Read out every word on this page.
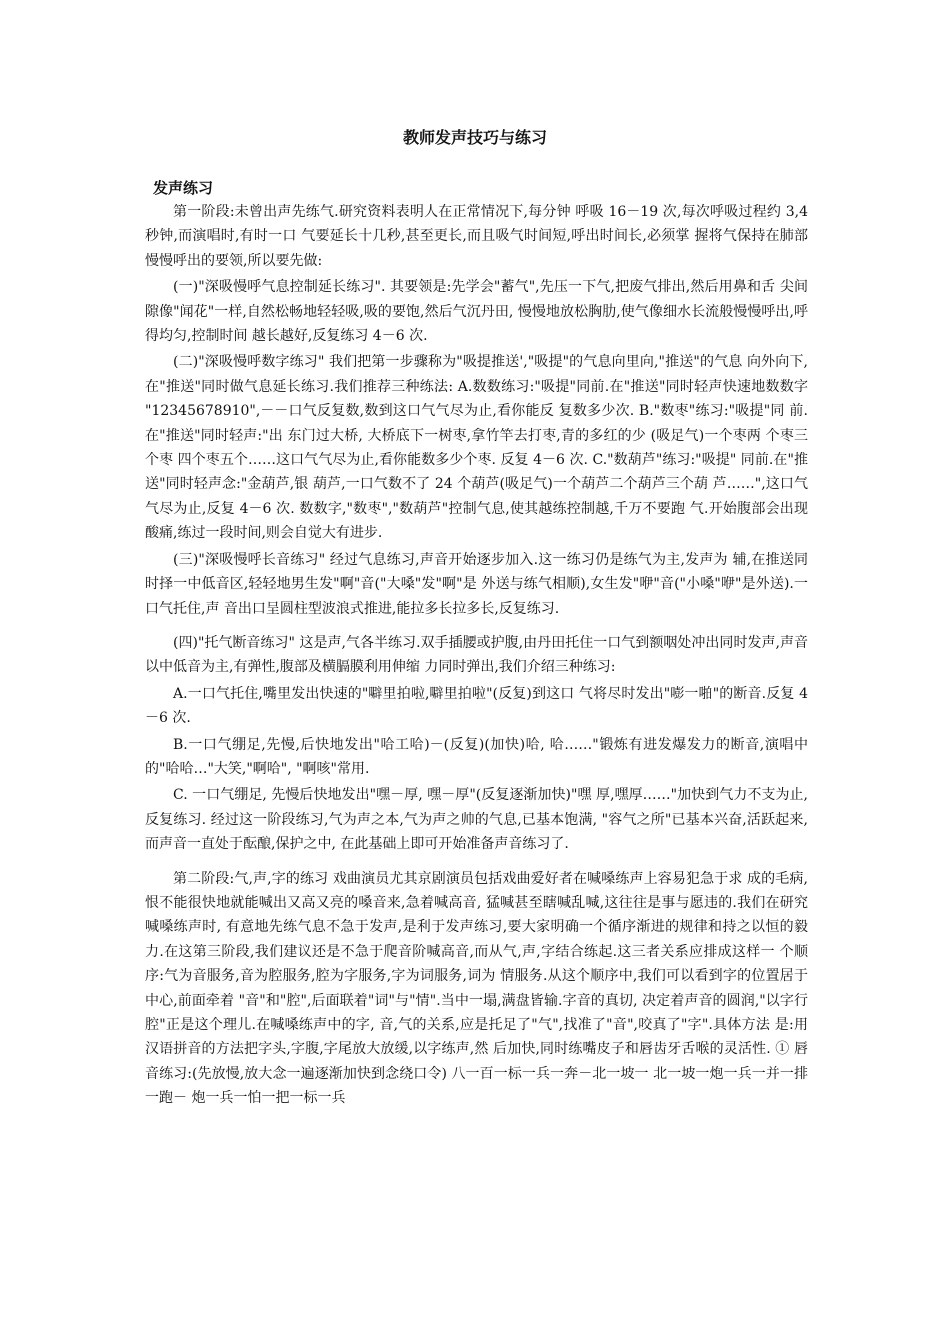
教师发声技巧与练习
发声练习

第一阶段:未曾出声先练气.研究资料表明人在正常情况下,每分钟 呼吸 16－19 次,每次呼吸过程约 3,4 秒钟,而演唱时,有时一口 气要延长十几秒,甚至更长,而且吸气时间短,呼出时间长,必须掌 握将气保持在肺部慢慢呼出的要领,所以要先做:

(一)"深吸慢呼气息控制延长练习". 其要领是:先学会"蓄气",先压一下气,把废气排出,然后用鼻和舌 尖间隙像"闻花"一样,自然松畅地轻轻吸,吸的要饱,然后气沉丹田, 慢慢地放松胸肋,使气像细水长流般慢慢呼出,呼得均匀,控制时间 越长越好,反复练习 4－6 次.

(二)"深吸慢呼数字练习" 我们把第一步骤称为"吸提推送',"吸提"的气息向里向,"推送"的气息 向外向下,在"推送"同时做气息延长练习.我们推荐三种练法: A.数数练习:"吸提"同前.在"推送"同时轻声快速地数数字 "12345678910",－－口气反复数,数到这口气气尽为止,看你能反 复数多少次. B."数枣"练习:"吸提"同 前.在"推送"同时轻声:"出 东门过大桥, 大桥底下一树枣,拿竹竿去打枣,青的多红的少 (吸足气)一个枣两 个枣三个枣 四个枣五个……这口气气尽为止,看你能数多少个枣. 反复 4－6 次. C."数葫芦"练习:"吸提" 同前.在"推送"同时轻声念:"金葫芦,银 葫芦,一口气数不了 24 个葫芦(吸足气)一个葫芦二个葫芦三个葫 芦……",这口气气尽为止,反复 4－6 次. 数数字,"数枣","数葫芦"控制气息,使其越练控制越,千万不要跑 气.开始腹部会出现酸痛,练过一段时间,则会自觉大有进步.

(三)"深吸慢呼长音练习" 经过气息练习,声音开始逐步加入.这一练习仍是练气为主,发声为 辅,在推送同时择一中低音区,轻轻地男生发"啊"音("大嗓"发"啊"是 外送与练气相顺),女生发"咿"音("小嗓"咿"是外送).一口气托住,声 音出口呈圆柱型波浪式推进,能拉多长拉多长,反复练习.

(四)"托气断音练习" 这是声,气各半练习.双手插腰或护腹,由丹田托住一口气到额咽处冲出同时发声,声音以中低音为主,有弹性,腹部及横膈膜利用伸缩 力同时弹出,我们介绍三种练习:

A.一口气托住,嘴里发出快速的"噼里拍啦,噼里拍啦"(反复)到这口 气将尽时发出"嘭一啪"的断音.反复 4－6 次.

B.一口气绷足,先慢,后快地发出"哈工哈)－(反复)(加快)哈, 哈……"锻炼有进发爆发力的断音,演唱中的"哈哈…"大笑,"啊哈", "啊咳"常用.

C. 一口气绷足, 先慢后快地发出"嘿－厚, 嘿－厚"(反复逐渐加快)"嘿 厚,嘿厚……"加快到气力不支为止,反复练习. 经过这一阶段练习,气为声之本,气为声之帅的气息,已基本饱满, "容气之所"已基本兴奋,活跃起来,而声音一直处于酝酿,保护之中, 在此基础上即可开始准备声音练习了.

第二阶段:气,声,字的练习 戏曲演员尤其京剧演员包括戏曲爱好者在喊嗓练声上容易犯急于求 成的毛病,恨不能很快地就能喊出又高又亮的嗓音来,急着喊高音, 猛喊甚至瞎喊乱喊,这往往是事与愿违的.我们在研究喊嗓练声时, 有意地先练气息不急于发声,是利于发声练习,要大家明确一个循序渐进的规律和持之以恒的毅力.在这第三阶段,我们建议还是不急于爬音阶喊高音,而从气,声,字结合练起.这三者关系应排成这样一 个顺序:气为音服务,音为腔服务,腔为字服务,字为词服务,词为 情服务.从这个顺序中,我们可以看到字的位置居于中心,前面牵着 "音"和"腔",后面联着"词"与"情".当中一塌,满盘皆输.字音的真切, 决定着声音的圆润,"以字行腔"正是这个理儿.在喊嗓练声中的字, 音,气的关系,应是托足了"气",找准了"音",咬真了"字".具体方法 是:用汉语拼音的方法把字头,字腹,字尾放大放缓,以字练声,然 后加快,同时练嘴皮子和唇齿牙舌喉的灵活性. ① 唇音练习:(先放慢,放大念一遍逐渐加快到念绕口令) 八一百一标一兵一奔－北一坡一 北一坡一炮一兵一并一排一跑－ 炮一兵一怕一把一标一兵
